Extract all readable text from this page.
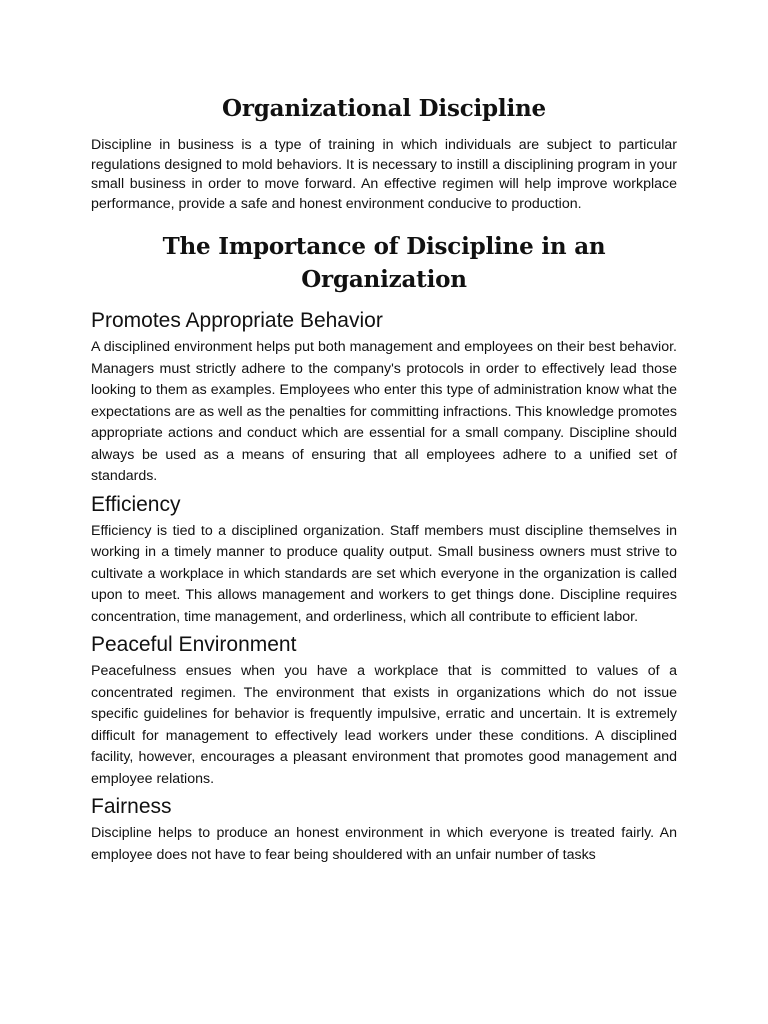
Organizational Discipline

Discipline in business is a type of training in which individuals are subject to particular regulations designed to mold behaviors. It is necessary to instill a disciplining program in your small business in order to move forward. An effective regimen will help improve workplace performance, provide a safe and honest environment conducive to production.

The Importance of Discipline in an Organization
Promotes Appropriate Behavior

A disciplined environment helps put both management and employees on their best behavior. Managers must strictly adhere to the company's protocols in order to effectively lead those looking to them as examples. Employees who enter this type of administration know what the expectations are as well as the penalties for committing infractions. This knowledge promotes appropriate actions and conduct which are essential for a small company. Discipline should always be used as a means of ensuring that all employees adhere to a unified set of standards.

Efficiency

Efficiency is tied to a disciplined organization. Staff members must discipline themselves in working in a timely manner to produce quality output. Small business owners must strive to cultivate a workplace in which standards are set which everyone in the organization is called upon to meet. This allows management and workers to get things done. Discipline requires concentration, time management, and orderliness, which all contribute to efficient labor.

Peaceful Environment

Peacefulness ensues when you have a workplace that is committed to values of a concentrated regimen. The environment that exists in organizations which do not issue specific guidelines for behavior is frequently impulsive, erratic and uncertain. It is extremely difficult for management to effectively lead workers under these conditions. A disciplined facility, however, encourages a pleasant environment that promotes good management and employee relations.

Fairness

Discipline helps to produce an honest environment in which everyone is treated fairly. An employee does not have to fear being shouldered with an unfair number of tasks
